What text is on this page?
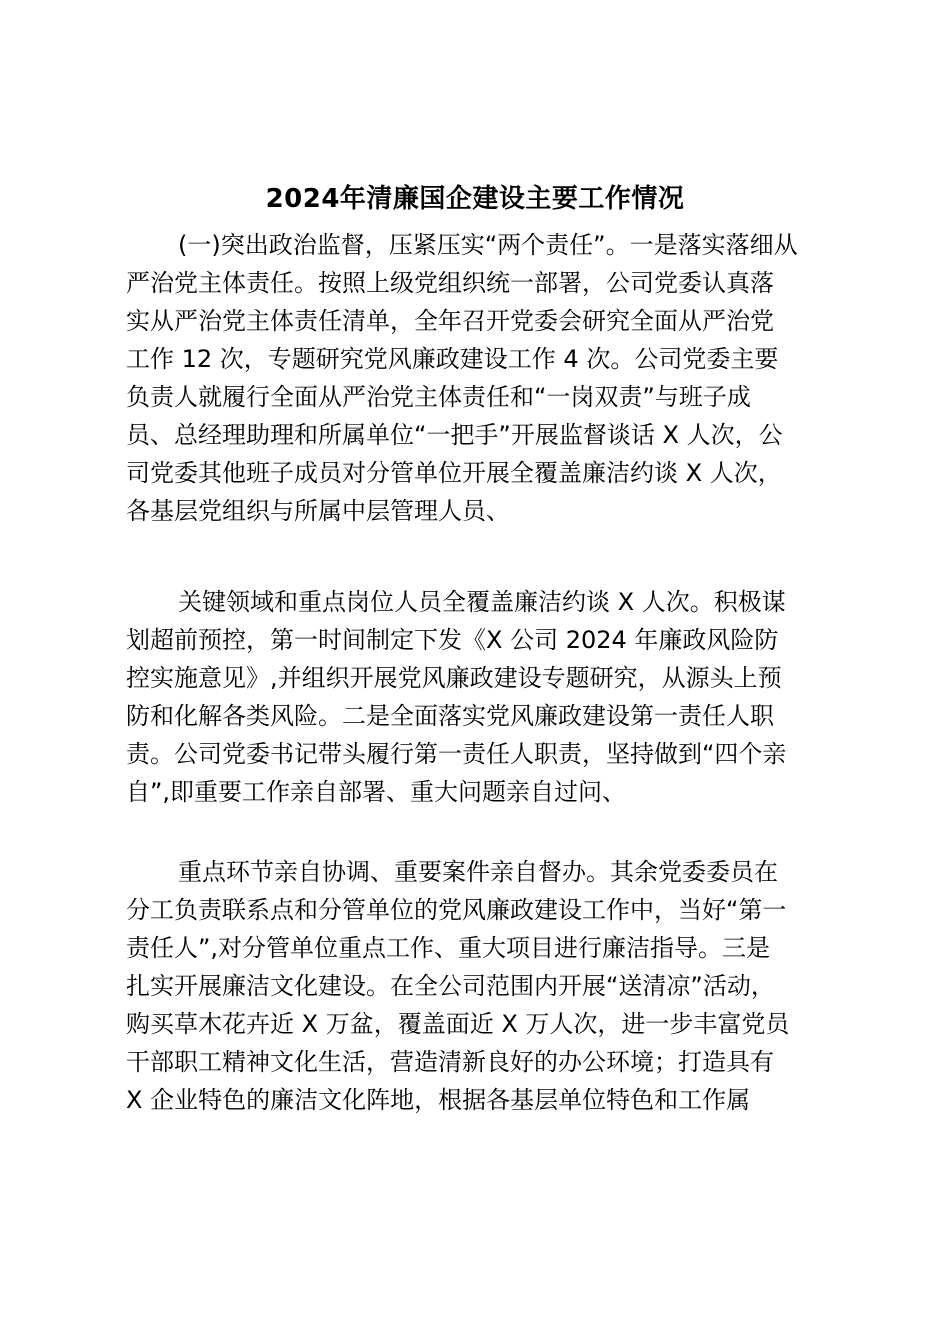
2024年清廉国企建设主要工作情况
(一)突出政治监督，压紧压实“两个责任”。一是落实落细从
严治党主体责任。按照上级党组织统一部署，公司党委认真落
实从严治党主体责任清单，全年召开党委会研究全面从严治党
工作 12 次，专题研究党风廉政建设工作 4 次。公司党委主要
负责人就履行全面从严治党主体责任和“一岗双责”与班子成
员、总经理助理和所属单位“一把手”开展监督谈话 X 人次，公
司党委其他班子成员对分管单位开展全覆盖廉洁约谈 X 人次，
各基层党组织与所属中层管理人员、
关键领域和重点岗位人员全覆盖廉洁约谈 X 人次。积极谋
划超前预控，第一时间制定下发《X 公司 2024 年廉政风险防
控实施意见》,并组织开展党风廉政建设专题研究，从源头上预
防和化解各类风险。二是全面落实党风廉政建设第一责任人职
责。公司党委书记带头履行第一责任人职责，坚持做到“四个亲
自”,即重要工作亲自部署、重大问题亲自过问、
重点环节亲自协调、重要案件亲自督办。其余党委委员在
分工负责联系点和分管单位的党风廉政建设工作中，当好“第一
责任人”,对分管单位重点工作、重大项目进行廉洁指导。三是
扎实开展廉洁文化建设。在全公司范围内开展“送清凉”活动，
购买草木花卉近 X 万盆，覆盖面近 X 万人次，进一步丰富党员
干部职工精神文化生活，营造清新良好的办公环境；打造具有
X 企业特色的廉洁文化阵地，根据各基层单位特色和工作属
